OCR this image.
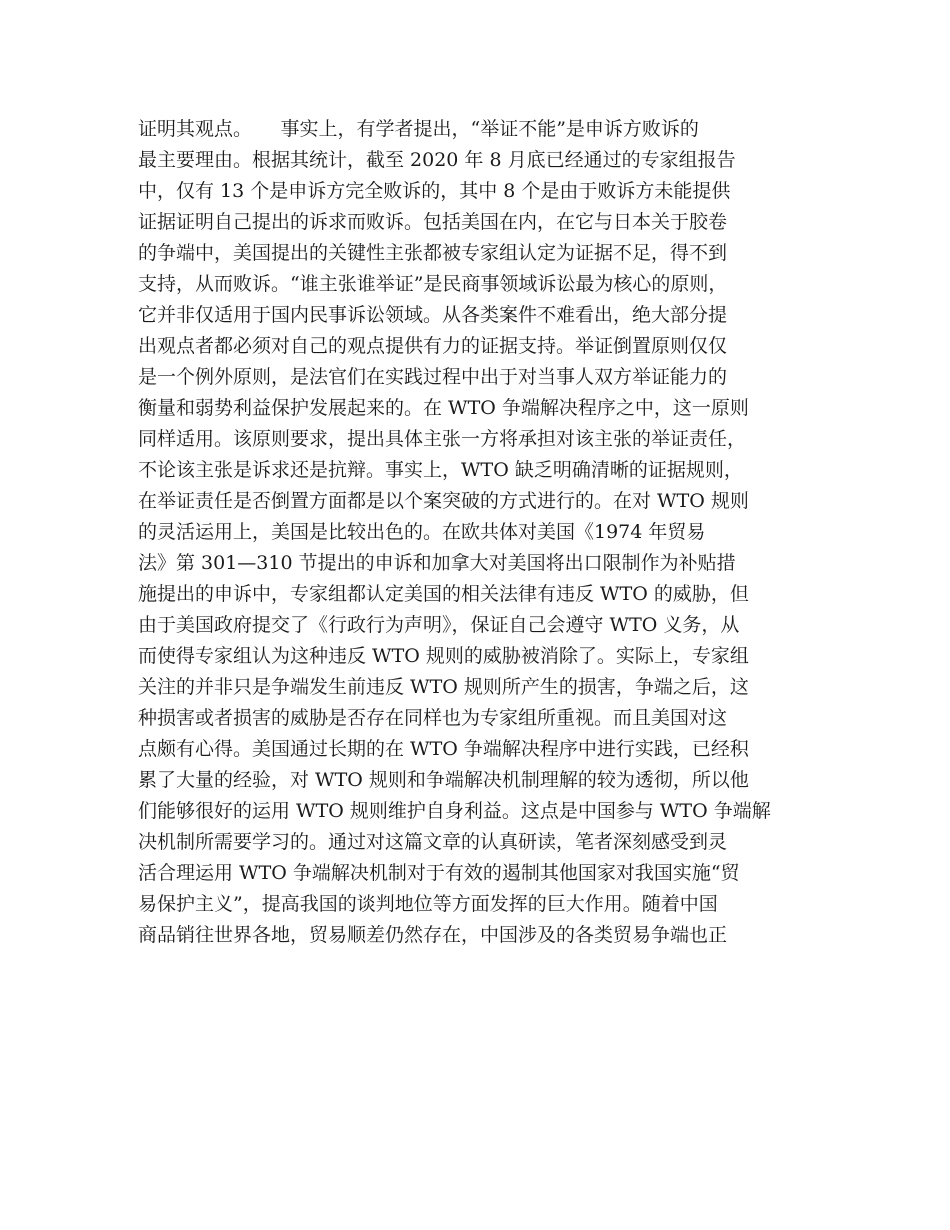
证明其观点。　　事实上，有学者提出，“举证不能”是申诉方败诉的
最主要理由。根据其统计，截至 2020 年 8 月底已经通过的专家组报告
中，仅有 13 个是申诉方完全败诉的，其中 8 个是由于败诉方未能提供
证据证明自己提出的诉求而败诉。包括美国在内，在它与日本关于胶卷
的争端中，美国提出的关键性主张都被专家组认定为证据不足，得不到
支持，从而败诉。“谁主张谁举证”是民商事领域诉讼最为核心的原则，
它并非仅适用于国内民事诉讼领域。从各类案件不难看出，绝大部分提
出观点者都必须对自己的观点提供有力的证据支持。举证倒置原则仅仅
是一个例外原则，是法官们在实践过程中出于对当事人双方举证能力的
衡量和弱势利益保护发展起来的。在 WTO 争端解决程序之中，这一原则
同样适用。该原则要求，提出具体主张一方将承担对该主张的举证责任，
不论该主张是诉求还是抗辩。事实上，WTO 缺乏明确清晰的证据规则，
在举证责任是否倒置方面都是以个案突破的方式进行的。在对 WTO 规则
的灵活运用上，美国是比较出色的。在欧共体对美国《1974 年贸易
法》第 301—310 节提出的申诉和加拿大对美国将出口限制作为补贴措
施提出的申诉中，专家组都认定美国的相关法律有违反 WTO 的威胁，但
由于美国政府提交了《行政行为声明》，保证自己会遵守 WTO 义务，从
而使得专家组认为这种违反 WTO 规则的威胁被消除了。实际上，专家组
关注的并非只是争端发生前违反 WTO 规则所产生的损害，争端之后，这
种损害或者损害的威胁是否存在同样也为专家组所重视。而且美国对这
点颇有心得。美国通过长期的在 WTO 争端解决程序中进行实践，已经积
累了大量的经验，对 WTO 规则和争端解决机制理解的较为透彻，所以他
们能够很好的运用 WTO 规则维护自身利益。这点是中国参与 WTO 争端解
决机制所需要学习的。通过对这篇文章的认真研读，笔者深刻感受到灵
活合理运用 WTO 争端解决机制对于有效的遏制其他国家对我国实施“贸
易保护主义”，提高我国的谈判地位等方面发挥的巨大作用。随着中国
商品销往世界各地，贸易顺差仍然存在，中国涉及的各类贸易争端也正
